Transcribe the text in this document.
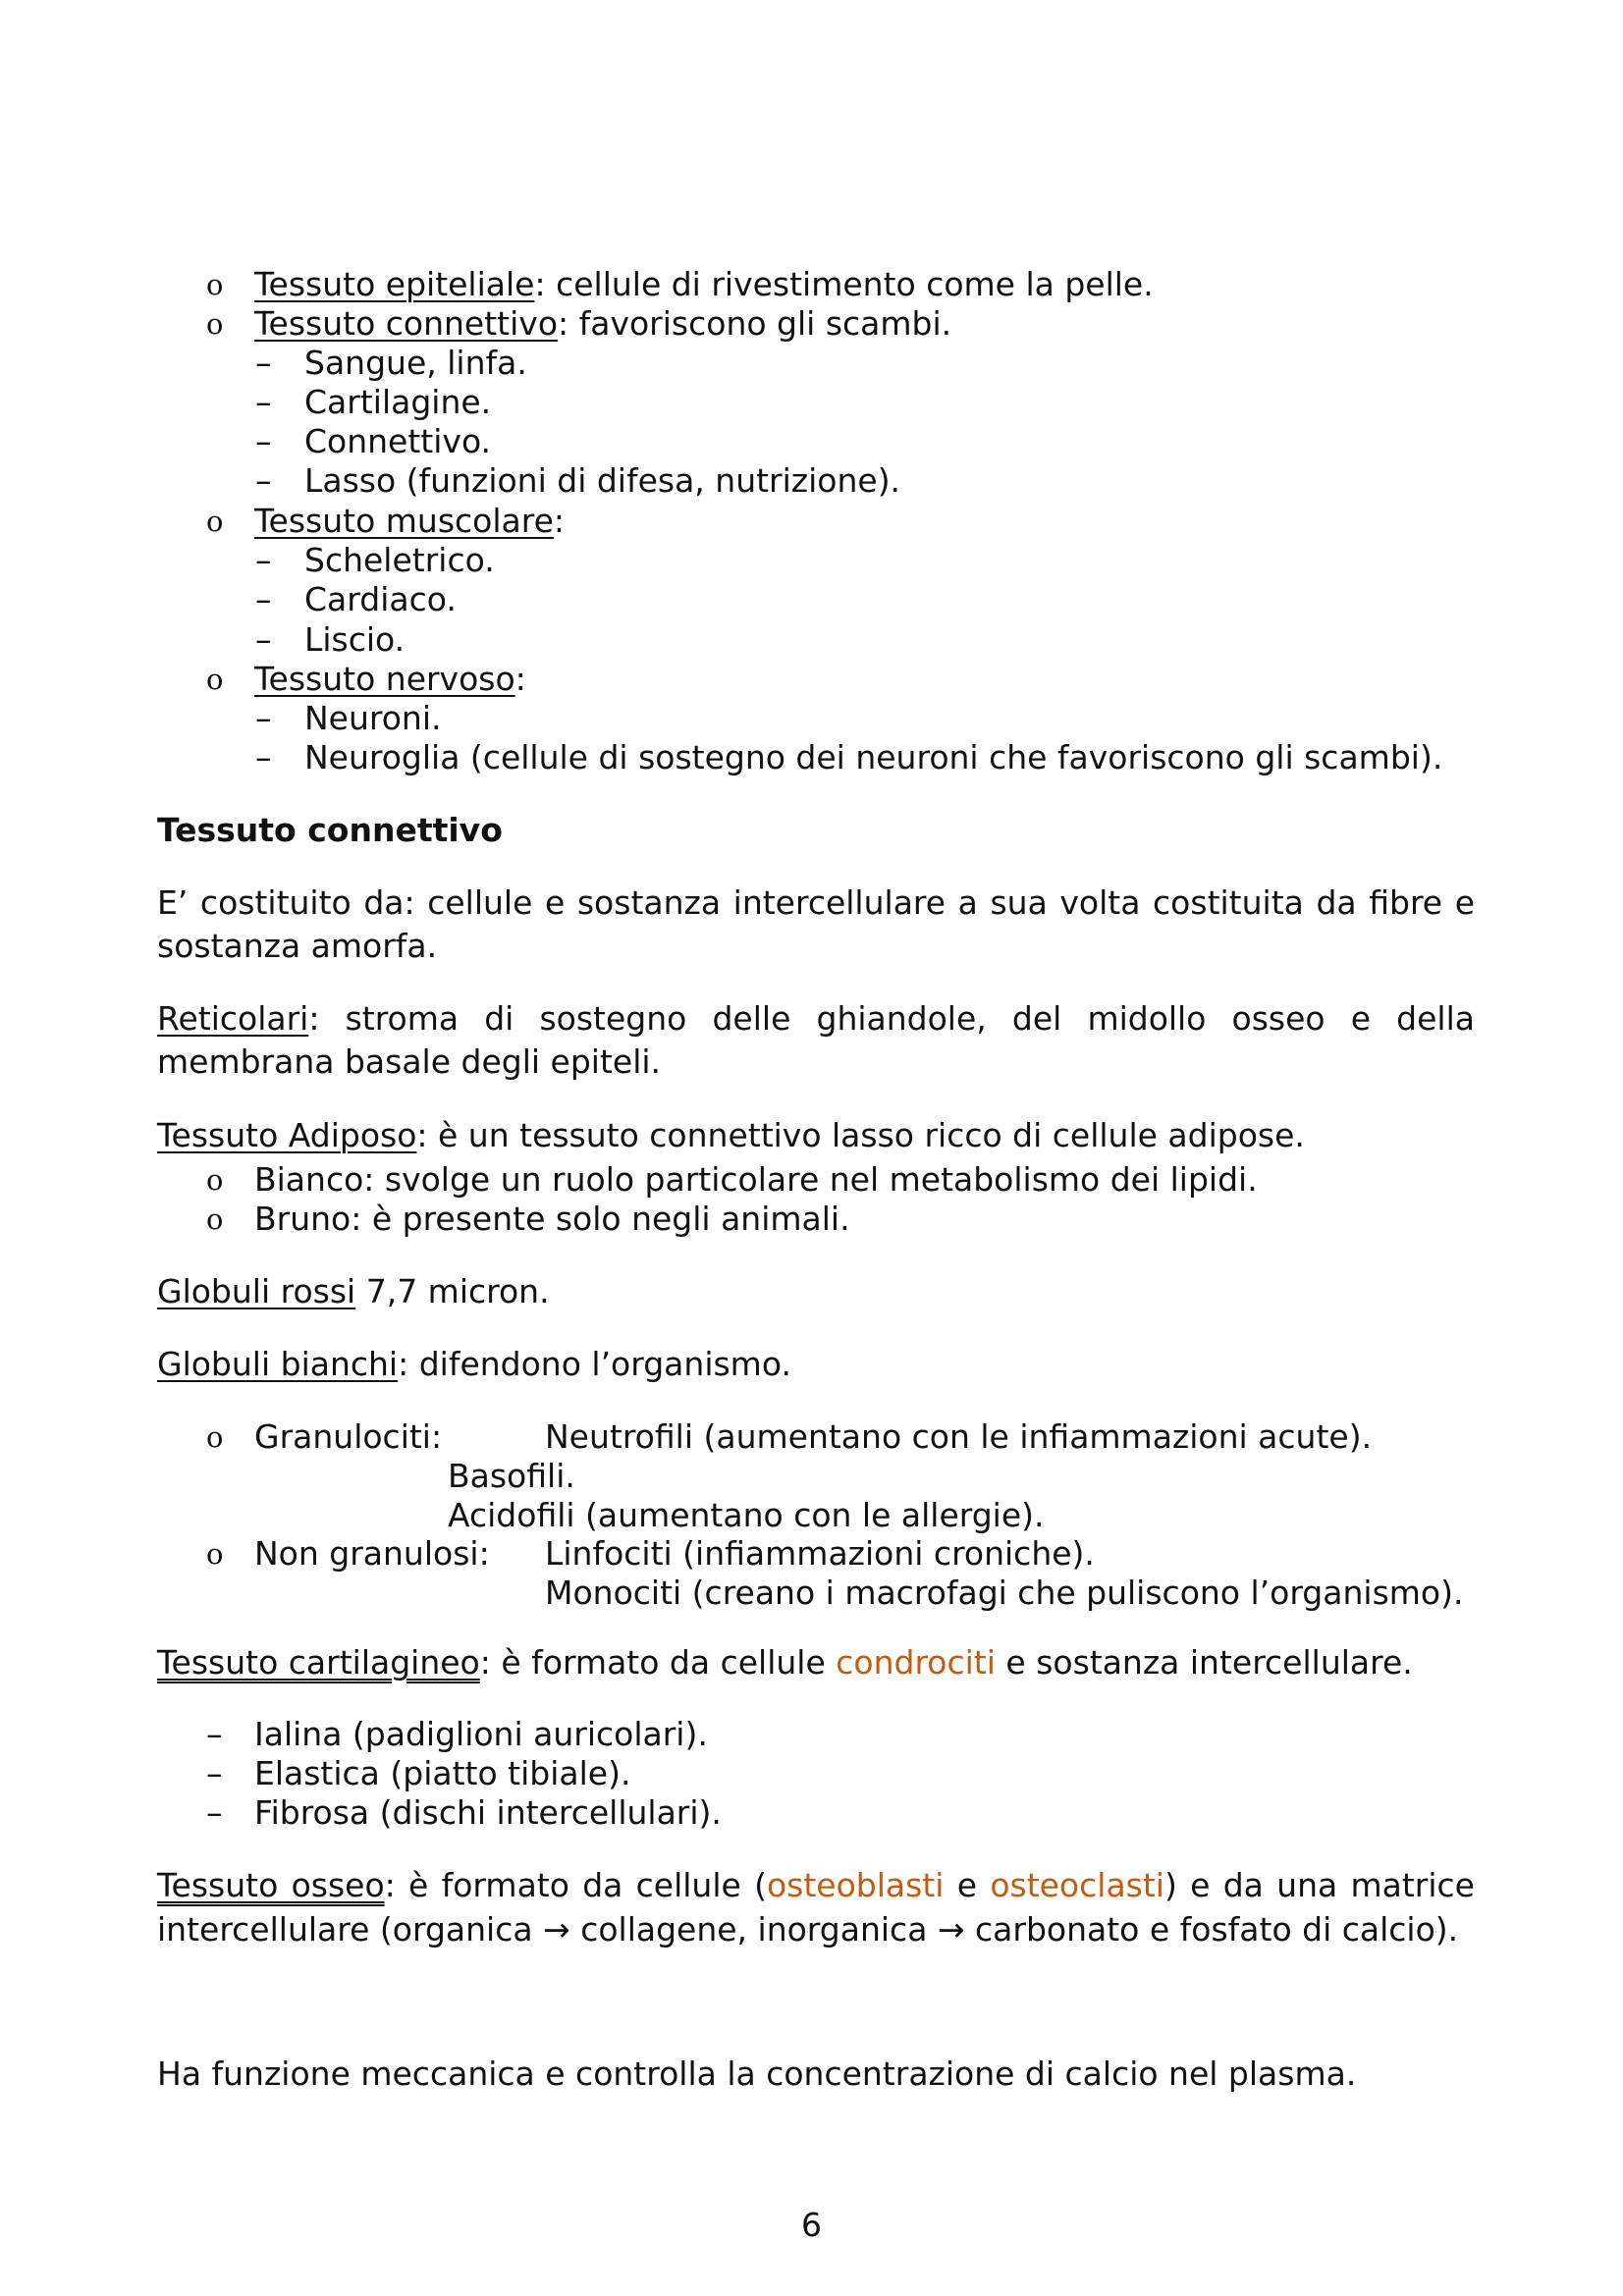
o Tessuto epiteliale: cellule di rivestimento come la pelle.
o Tessuto connettivo: favoriscono gli scambi.
– Sangue, linfa.
– Cartilagine.
– Connettivo.
– Lasso (funzioni di difesa, nutrizione).
o Tessuto muscolare:
– Scheletrico.
– Cardiaco.
– Liscio.
o Tessuto nervoso:
– Neuroni.
– Neuroglia (cellule di sostegno dei neuroni che favoriscono gli scambi).
Tessuto connettivo
E’ costituito da: cellule e sostanza intercellulare a sua volta costituita da fibre e
sostanza amorfa.
Reticolari: stroma di sostegno delle ghiandole, del midollo osseo e della
membrana basale degli epiteli.
Tessuto Adiposo: è un tessuto connettivo lasso ricco di cellule adipose.
o Bianco: svolge un ruolo particolare nel metabolismo dei lipidi.
o Bruno: è presente solo negli animali.
Globuli rossi 7,7 micron.
Globuli bianchi: difendono l’organismo.
o Granulociti:	Neutrofili (aumentano con le infiammazioni acute).
Basofili.
Acidofili (aumentano con le allergie).
o Non granulosi: Linfociti (infiammazioni croniche).
Monociti (creano i macrofagi che puliscono l’organismo).
Tessuto cartilagineo: è formato da cellule condrociti e sostanza intercellulare.
– Ialina (padiglioni auricolari).
– Elastica (piatto tibiale).
– Fibrosa (dischi intercellulari).
Tessuto osseo: è formato da cellule (osteoblasti e osteoclasti) e da una matrice
intercellulare (organica → collagene, inorganica → carbonato e fosfato di calcio).
Ha funzione meccanica e controlla la concentrazione di calcio nel plasma.
6
